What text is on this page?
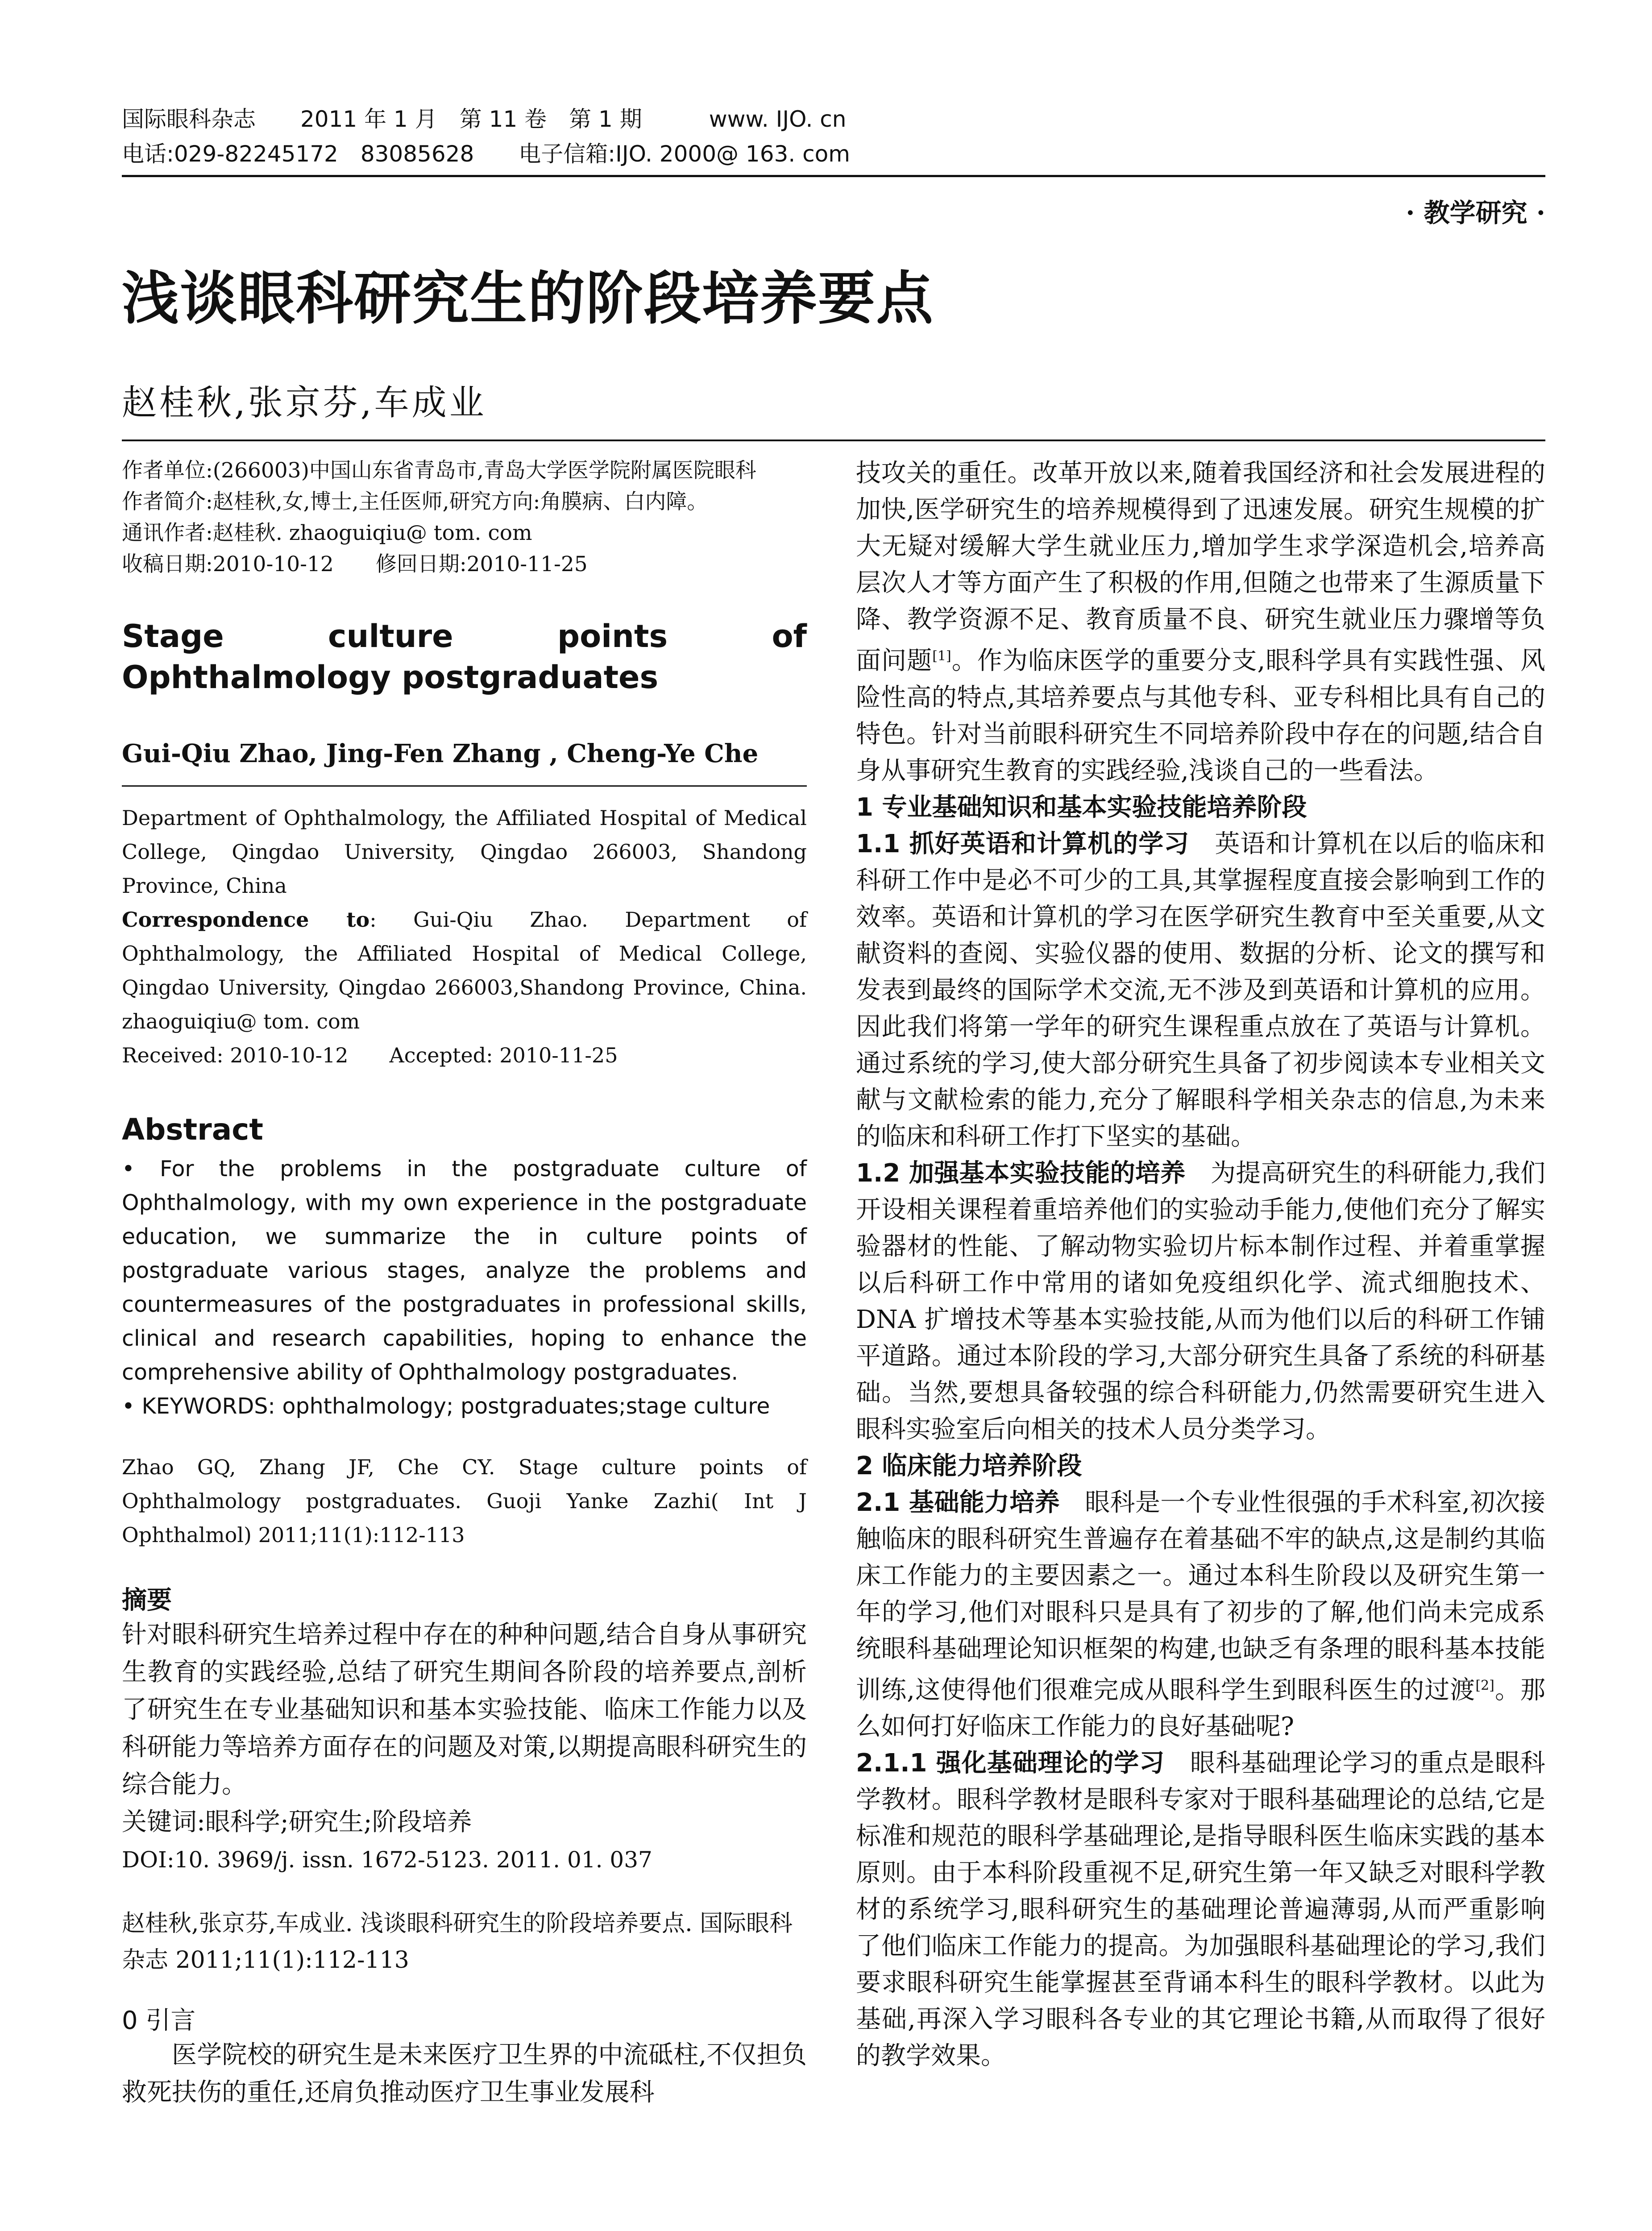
国际眼科杂志　　2011 年 1 月　第 11 卷　第 1 期　　　www. IJO. cn
电话:029-82245172　83085628　　电子信箱:IJO. 2000@ 163. com
· 教学研究 ·
浅谈眼科研究生的阶段培养要点
赵桂秋,张京芬,车成业
作者单位:(266003)中国山东省青岛市,青岛大学医学院附属医院眼科
作者简介:赵桂秋,女,博士,主任医师,研究方向:角膜病、白内障。
通讯作者:赵桂秋. zhaoguiqiu@ tom. com
收稿日期:2010-10-12　　修回日期:2010-11-25
Stage culture points of Ophthalmology postgraduates
Gui-Qiu Zhao, Jing-Fen Zhang , Cheng-Ye Che
Department of Ophthalmology, the Affiliated Hospital of Medical College, Qingdao University, Qingdao 266003, Shandong Province, China
Correspondence to: Gui-Qiu Zhao. Department of Ophthalmology, the Affiliated Hospital of Medical College, Qingdao University, Qingdao 266003,Shandong Province, China. zhaoguiqiu@ tom. com
Received: 2010-10-12　　Accepted: 2010-11-25
Abstract
• For the problems in the postgraduate culture of Ophthalmology, with my own experience in the postgraduate education, we summarize the in culture points of postgraduate various stages, analyze the problems and countermeasures of the postgraduates in professional skills, clinical and research capabilities, hoping to enhance the comprehensive ability of Ophthalmology postgraduates.
• KEYWORDS: ophthalmology; postgraduates;stage culture
Zhao GQ, Zhang JF, Che CY. Stage culture points of Ophthalmology postgraduates. Guoji Yanke Zazhi( Int J Ophthalmol) 2011;11(1):112-113
摘要
针对眼科研究生培养过程中存在的种种问题,结合自身从事研究生教育的实践经验,总结了研究生期间各阶段的培养要点,剖析了研究生在专业基础知识和基本实验技能、临床工作能力以及科研能力等培养方面存在的问题及对策,以期提高眼科研究生的综合能力。
关键词:眼科学;研究生;阶段培养
DOI:10. 3969/j. issn. 1672-5123. 2011. 01. 037
赵桂秋,张京芬,车成业. 浅谈眼科研究生的阶段培养要点. 国际眼科杂志 2011;11(1):112-113
0 引言
医学院校的研究生是未来医疗卫生界的中流砥柱,不仅担负救死扶伤的重任,还肩负推动医疗卫生事业发展科
技攻关的重任。改革开放以来,随着我国经济和社会发展进程的加快,医学研究生的培养规模得到了迅速发展。研究生规模的扩大无疑对缓解大学生就业压力,增加学生求学深造机会,培养高层次人才等方面产生了积极的作用,但随之也带来了生源质量下降、教学资源不足、教育质量不良、研究生就业压力骤增等负面问题[1]。作为临床医学的重要分支,眼科学具有实践性强、风险性高的特点,其培养要点与其他专科、亚专科相比具有自己的特色。针对当前眼科研究生不同培养阶段中存在的问题,结合自身从事研究生教育的实践经验,浅谈自己的一些看法。
1 专业基础知识和基本实验技能培养阶段
1.1 抓好英语和计算机的学习　英语和计算机在以后的临床和科研工作中是必不可少的工具,其掌握程度直接会影响到工作的效率。英语和计算机的学习在医学研究生教育中至关重要,从文献资料的查阅、实验仪器的使用、数据的分析、论文的撰写和发表到最终的国际学术交流,无不涉及到英语和计算机的应用。因此我们将第一学年的研究生课程重点放在了英语与计算机。通过系统的学习,使大部分研究生具备了初步阅读本专业相关文献与文献检索的能力,充分了解眼科学相关杂志的信息,为未来的临床和科研工作打下坚实的基础。
1.2 加强基本实验技能的培养　为提高研究生的科研能力,我们开设相关课程着重培养他们的实验动手能力,使他们充分了解实验器材的性能、了解动物实验切片标本制作过程、并着重掌握以后科研工作中常用的诸如免疫组织化学、流式细胞技术、DNA 扩增技术等基本实验技能,从而为他们以后的科研工作铺平道路。通过本阶段的学习,大部分研究生具备了系统的科研基础。当然,要想具备较强的综合科研能力,仍然需要研究生进入眼科实验室后向相关的技术人员分类学习。
2 临床能力培养阶段
2.1 基础能力培养　眼科是一个专业性很强的手术科室,初次接触临床的眼科研究生普遍存在着基础不牢的缺点,这是制约其临床工作能力的主要因素之一。通过本科生阶段以及研究生第一年的学习,他们对眼科只是具有了初步的了解,他们尚未完成系统眼科基础理论知识框架的构建,也缺乏有条理的眼科基本技能训练,这使得他们很难完成从眼科学生到眼科医生的过渡[2]。那么如何打好临床工作能力的良好基础呢?
2.1.1 强化基础理论的学习　眼科基础理论学习的重点是眼科学教材。眼科学教材是眼科专家对于眼科基础理论的总结,它是标准和规范的眼科学基础理论,是指导眼科医生临床实践的基本原则。由于本科阶段重视不足,研究生第一年又缺乏对眼科学教材的系统学习,眼科研究生的基础理论普遍薄弱,从而严重影响了他们临床工作能力的提高。为加强眼科基础理论的学习,我们要求眼科研究生能掌握甚至背诵本科生的眼科学教材。以此为基础,再深入学习眼科各专业的其它理论书籍,从而取得了很好的教学效果。
